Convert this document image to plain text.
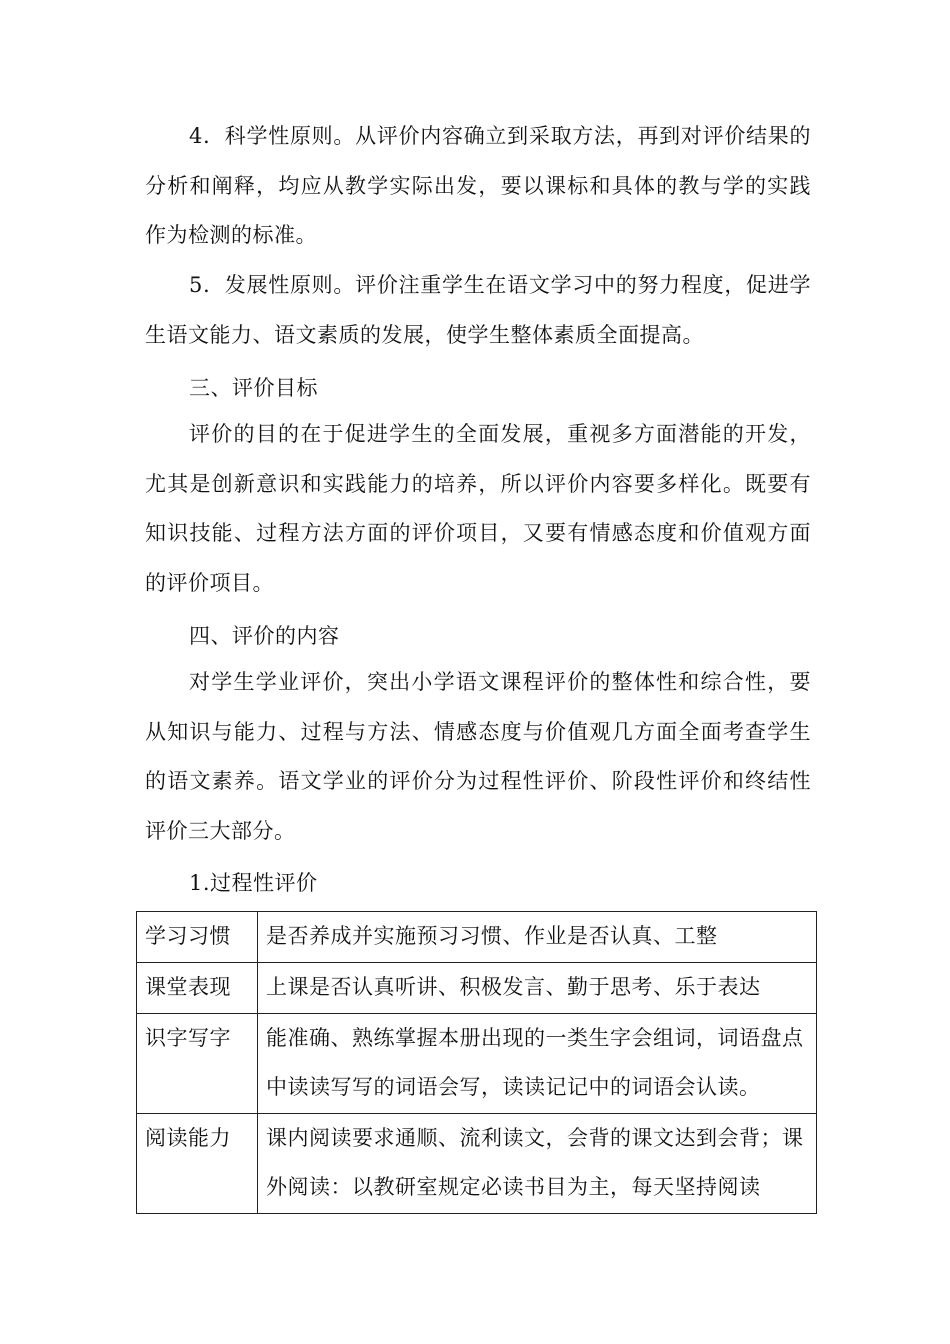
4．科学性原则。从评价内容确立到采取方法，再到对评价结果的分析和阐释，均应从教学实际出发，要以课标和具体的教与学的实践作为检测的标准。

5．发展性原则。评价注重学生在语文学习中的努力程度，促进学生语文能力、语文素质的发展，使学生整体素质全面提高。

三、评价目标

评价的目的在于促进学生的全面发展，重视多方面潜能的开发，尤其是创新意识和实践能力的培养，所以评价内容要多样化。既要有知识技能、过程方法方面的评价项目，又要有情感态度和价值观方面的评价项目。

四、评价的内容

对学生学业评价，突出小学语文课程评价的整体性和综合性，要从知识与能力、过程与方法、情感态度与价值观几方面全面考查学生的语文素养。语文学业的评价分为过程性评价、阶段性评价和终结性评价三大部分。

1.过程性评价

学习习惯	是否养成并实施预习习惯、作业是否认真、工整
课堂表现	上课是否认真听讲、积极发言、勤于思考、乐于表达
识字写字	能准确、熟练掌握本册出现的一类生字会组词，词语盘点中读读写写的词语会写，读读记记中的词语会认读。
阅读能力	课内阅读要求通顺、流利读文，会背的课文达到会背；课外阅读：以教研室规定必读书目为主，每天坚持阅读
